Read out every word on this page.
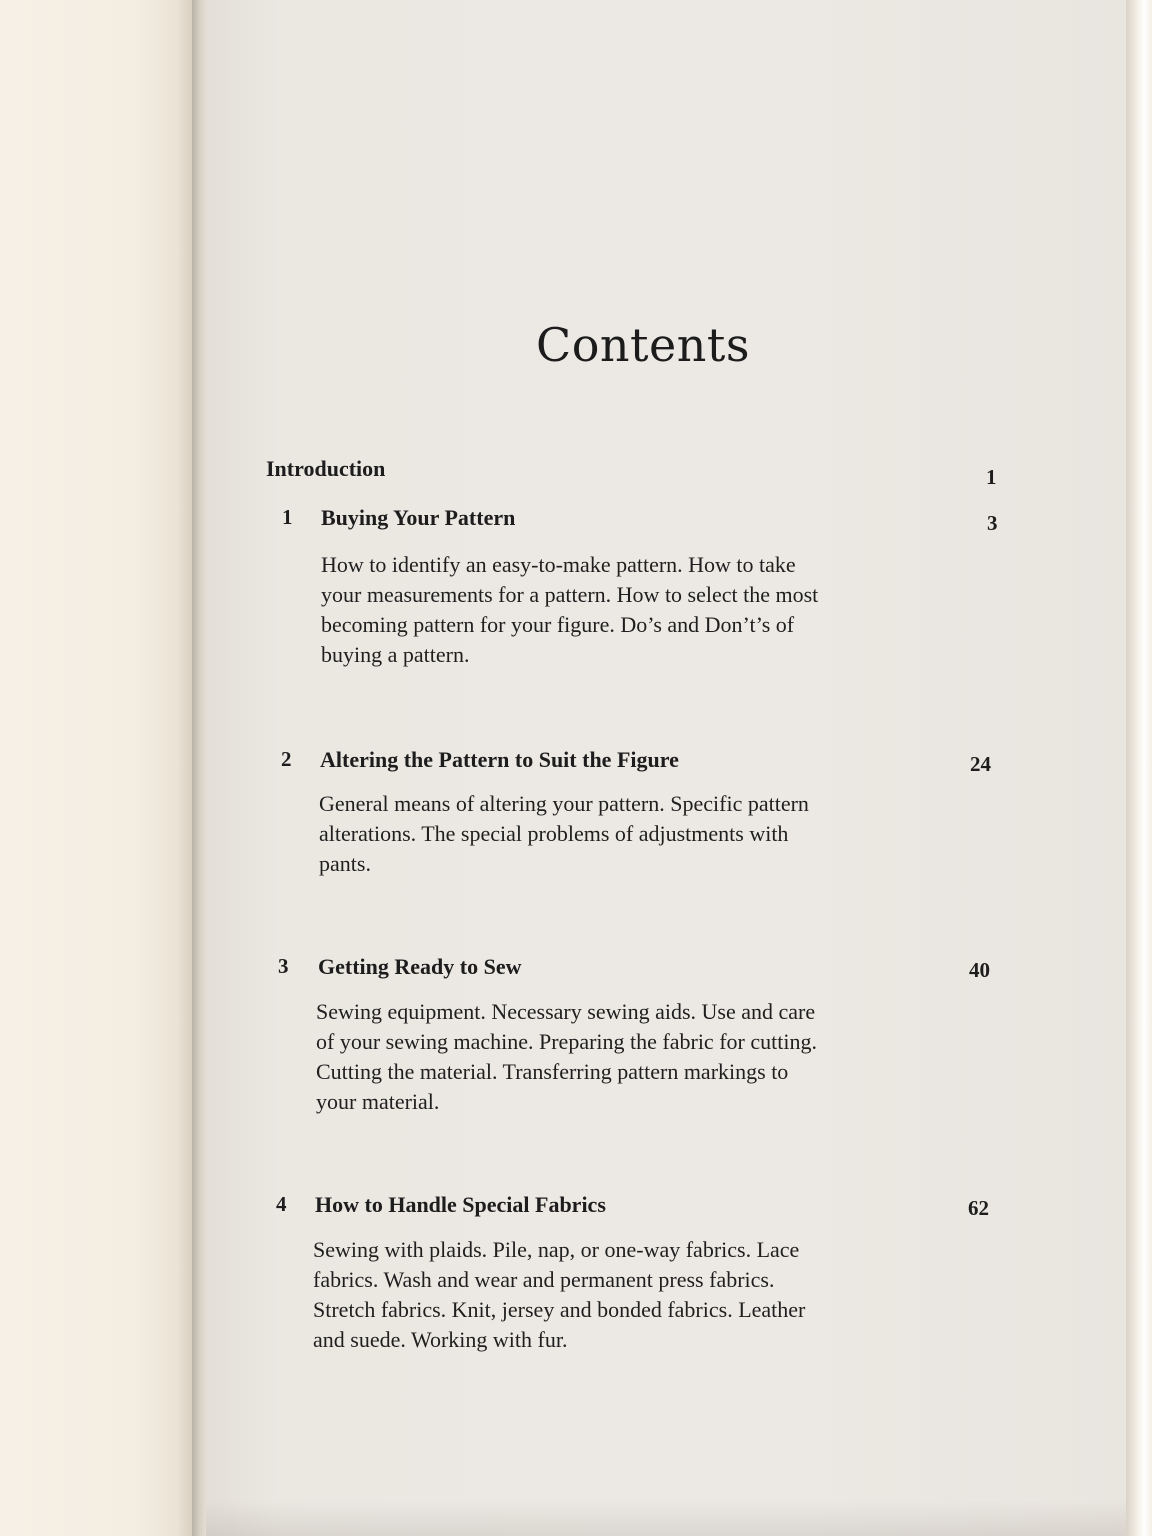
Contents
Introduction	1
1 Buying Your Pattern	3
How to identify an easy-to-make pattern. How to take
your measurements for a pattern. How to select the most
becoming pattern for your figure. Do’s and Don’t’s of
buying a pattern.
2 Altering the Pattern to Suit the Figure	24
General means of altering your pattern. Specific pattern
alterations. The special problems of adjustments with
pants.
3 Getting Ready to Sew	40
Sewing equipment. Necessary sewing aids. Use and care
of your sewing machine. Preparing the fabric for cutting.
Cutting the material. Transferring pattern markings to
your material.
4 How to Handle Special Fabrics	62
Sewing with plaids. Pile, nap, or one-way fabrics. Lace
fabrics. Wash and wear and permanent press fabrics.
Stretch fabrics. Knit, jersey and bonded fabrics. Leather
and suede. Working with fur.
